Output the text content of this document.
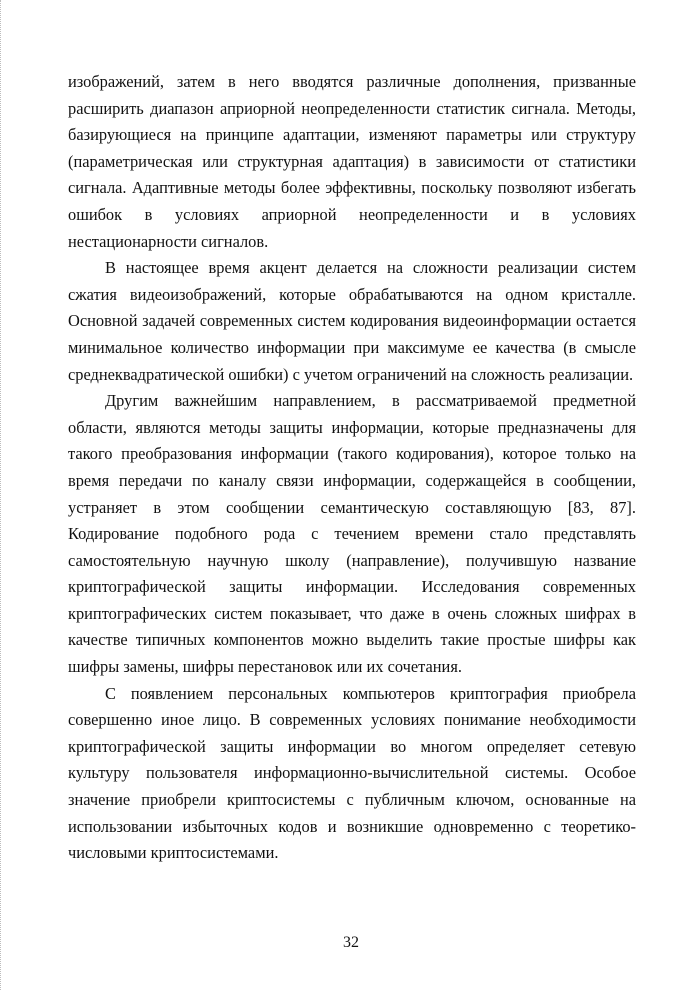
изображений, затем в него вводятся различные дополнения, призванные расширить диапазон априорной неопределенности статистик сигнала. Методы, базирующиеся на принципе адаптации, изменяют параметры или структуру (параметрическая или структурная адаптация) в зависимости от статистики сигнала. Адаптивные методы более эффективны, поскольку позволяют избегать ошибок в условиях априорной неопределенности и в условиях нестационарности сигналов.

В настоящее время акцент делается на сложности реализации систем сжатия видеоизображений, которые обрабатываются на одном кристалле. Основной задачей современных систем кодирования видеоинформации остается минимальное количество информации при максимуме ее качества (в смысле среднеквадратической ошибки) с учетом ограничений на сложность реализации.

Другим важнейшим направлением, в рассматриваемой предметной области, являются методы защиты информации, которые предназначены для такого преобразования информации (такого кодирования), которое только на время передачи по каналу связи информации, содержащейся в сообщении, устраняет в этом сообщении семантическую составляющую [83, 87]. Кодирование подобного рода с течением времени стало представлять самостоятельную научную школу (направление), получившую название криптографической защиты информации. Исследования современных криптографических систем показывает, что даже в очень сложных шифрах в качестве типичных компонентов можно выделить такие простые шифры как шифры замены, шифры перестановок или их сочетания.

С появлением персональных компьютеров криптография приобрела совершенно иное лицо. В современных условиях понимание необходимости криптографической защиты информации во многом определяет сетевую культуру пользователя информационно-вычислительной системы. Особое значение приобрели криптосистемы с публичным ключом, основанные на использовании избыточных кодов и возникшие одновременно с теоретико-числовыми криптосистемами.

32
